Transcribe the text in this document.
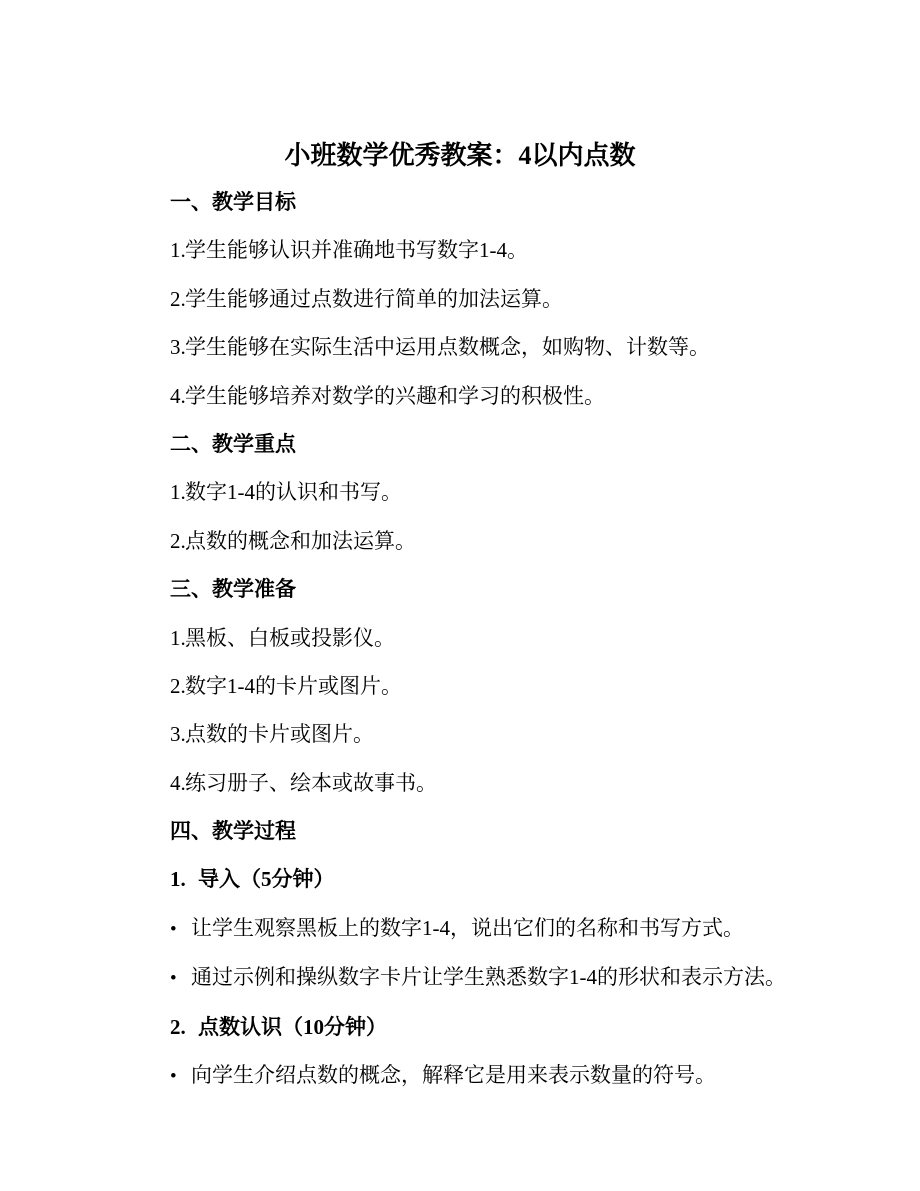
小班数学优秀教案：4以内点数

一、教学目标

1.学生能够认识并准确地书写数字1-4。

2.学生能够通过点数进行简单的加法运算。

3.学生能够在实际生活中运用点数概念，如购物、计数等。

4.学生能够培养对数学的兴趣和学习的积极性。

二、教学重点

1.数字1-4的认识和书写。

2.点数的概念和加法运算。

三、教学准备

1.黑板、白板或投影仪。

2.数字1-4的卡片或图片。

3.点数的卡片或图片。

4.练习册子、绘本或故事书。

四、教学过程

1. 导入（5分钟）

• 让学生观察黑板上的数字1-4，说出它们的名称和书写方式。

• 通过示例和操纵数字卡片让学生熟悉数字1-4的形状和表示方法。

2. 点数认识（10分钟）

• 向学生介绍点数的概念，解释它是用来表示数量的符号。
